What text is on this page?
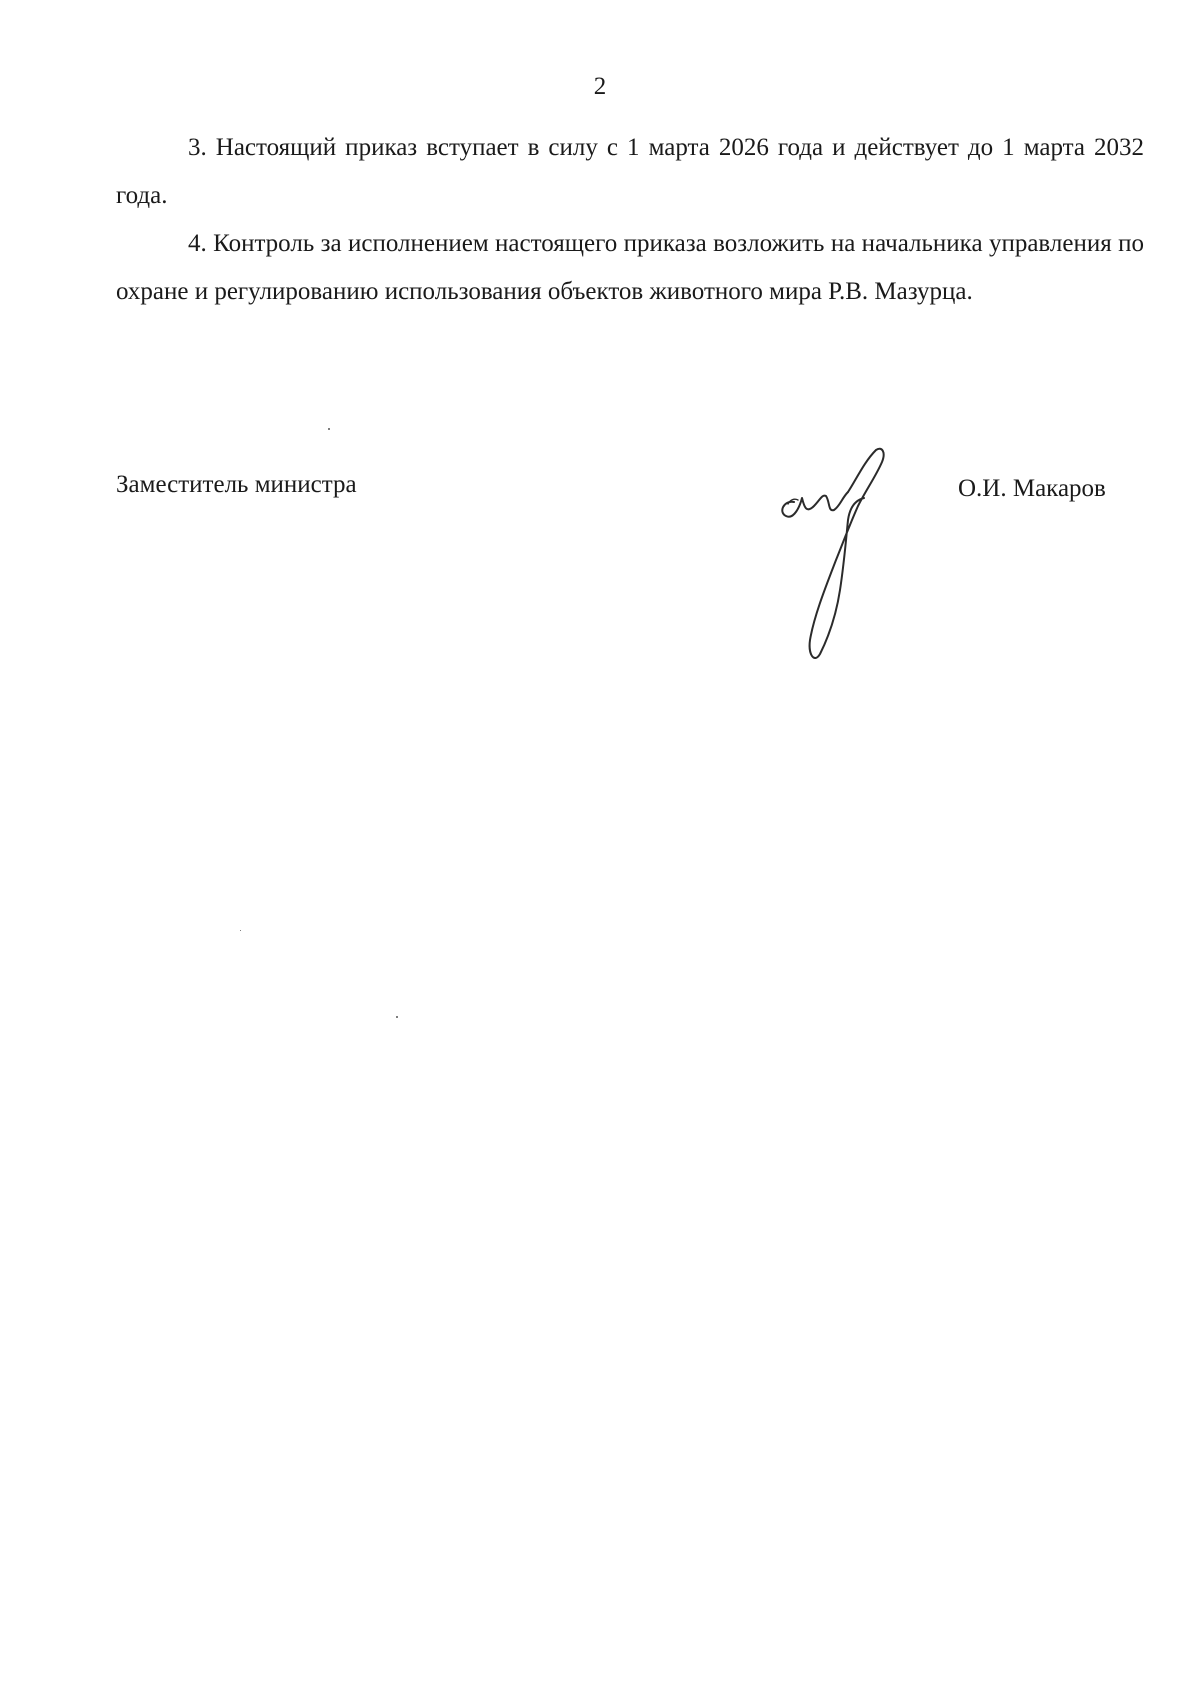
2

3. Настоящий приказ вступает в силу с 1 марта 2026 года и действует до 1 марта 2032 года.

4. Контроль за исполнением настоящего приказа возложить на начальника управления по охране и регулированию использования объектов животного мира Р.В. Мазурца.

Заместитель министра	О.И. Макаров
